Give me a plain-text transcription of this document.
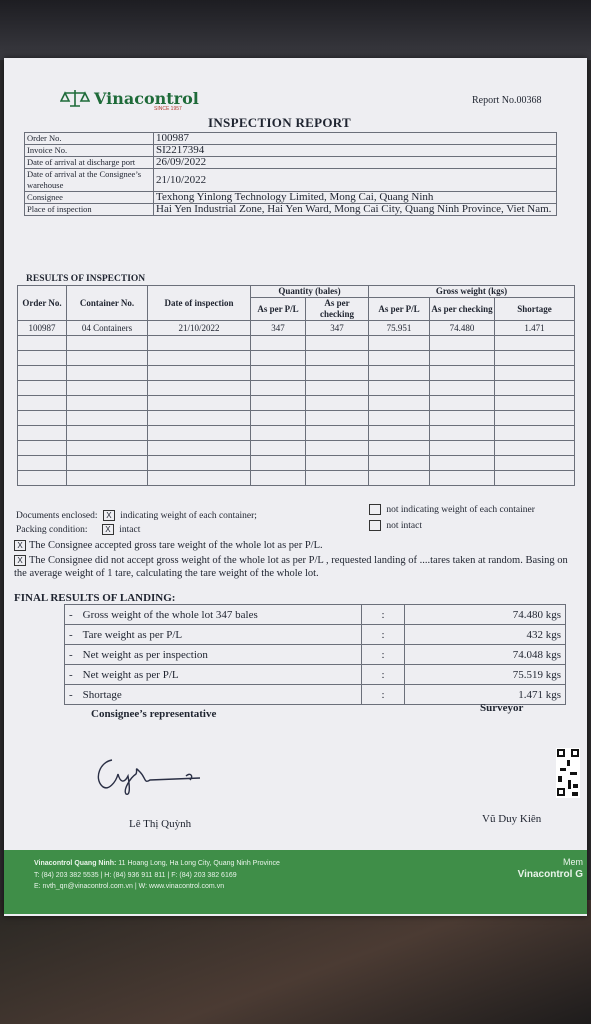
Vinacontrol
SINCE 1957
Report No.00368
INSPECTION REPORT
Order No.	100987
Invoice No.	SI2217394
Date of arrival at discharge port	26/09/2022
Date of arrival at the Consignee’s warehouse	21/10/2022
Consignee	Texhong Yinlong Technology Limited, Mong Cai, Quang Ninh
Place of inspection	Hai Yen Industrial Zone, Hai Yen Ward, Mong Cai City, Quang Ninh Province, Viet Nam.
RESULTS OF INSPECTION
Order No.	Container No.	Date of inspection	Quantity (bales)		Gross weight (kgs)		
			As per P/L	As per checking	As per P/L	As per checking	Shortage
100987	04 Containers	21/10/2022	347	347	75.951	74.480	1.471

Documents enclosed: X indicating weight of each container;
not indicating weight of each container
Packing condition: X intact	not intact
X The Consignee accepted gross tare weight of the whole lot as per P/L.
X The Consignee did not accept gross weight of the whole lot as per P/L , requested landing of ....tares taken at random. Basing on the average weight of 1 tare, calculating the tare weight of the whole lot.
FINAL RESULTS OF LANDING:
- Gross weight of the whole lot 347 bales	:	74.480 kgs
- Tare weight as per P/L	:	432 kgs
- Net weight as per inspection	:	74.048 kgs
- Net weight as per P/L	:	75.519 kgs
- Shortage	:	1.471 kgs
Consignee’s representative	Surveyor
Lê Thị Quỳnh	Vũ Duy Kiên
Vinacontrol Quang Ninh: 11 Hoang Long, Ha Long City, Quang Ninh Province
T: (84) 203 382 5535 | H: (84) 936 911 811 | F: (84) 203 382 6169
E: nvth_qn@vinacontrol.com.vn | W: www.vinacontrol.com.vn
Mem
Vinacontrol G
